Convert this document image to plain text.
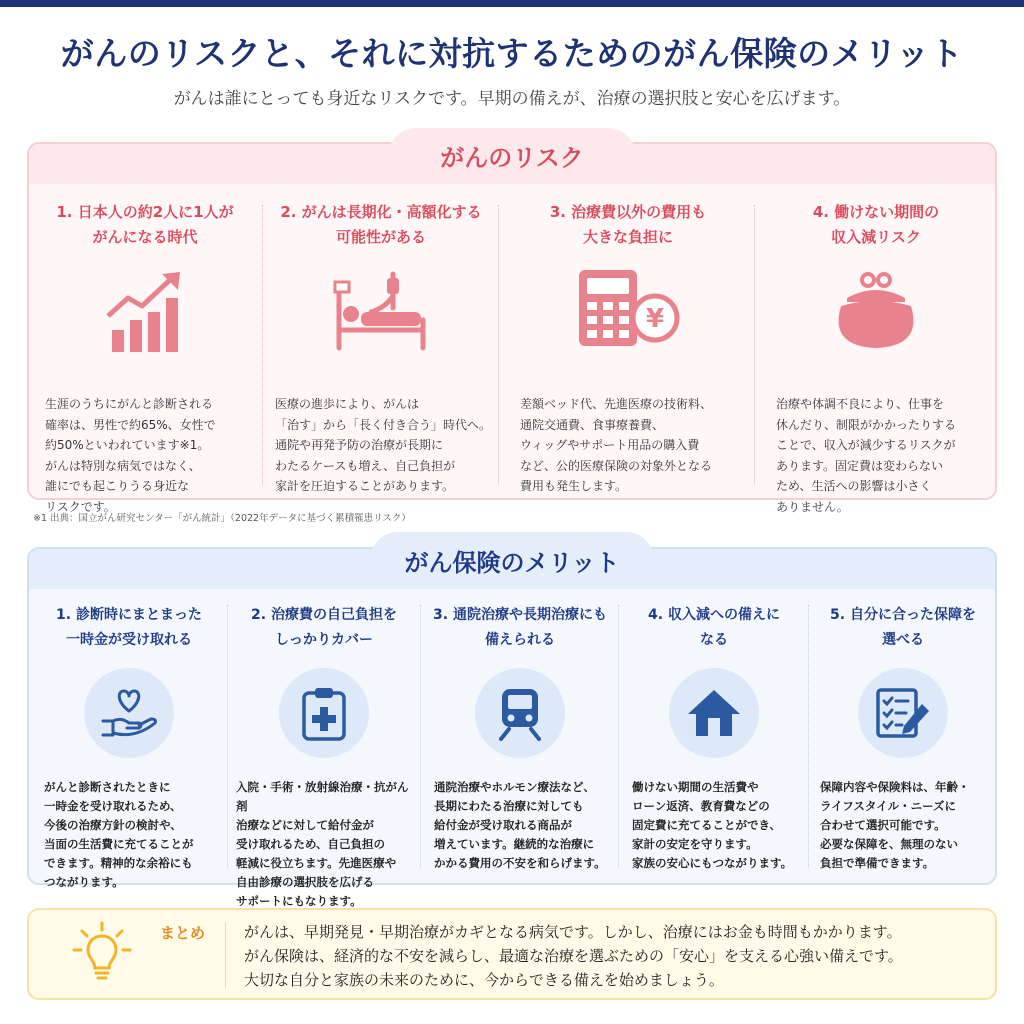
がんのリスクと、それに対抗するためのがん保険のメリット

がんは誰にとっても身近なリスクです。早期の備えが、治療の選択肢と安心を広げます。

がんのリスク
1. 日本人の約2人に1人が
がんになる時代
生涯のうちにがんと診断される
確率は、男性で約65%、女性で
約50%といわれています※1。
がんは特別な病気ではなく、
誰にでも起こりうる身近な
リスクです。
2. がんは長期化・高額化する
可能性がある
医療の進歩により、がんは
「治す」から「長く付き合う」時代へ。
通院や再発予防の治療が長期に
わたるケースも増え、自己負担が
家計を圧迫することがあります。
3. 治療費以外の費用も
大きな負担に
¥
差額ベッド代、先進医療の技術料、
通院交通費、食事療養費、
ウィッグやサポート用品の購入費
など、公的医療保険の対象外となる
費用も発生します。
4. 働けない期間の
収入減リスク
治療や体調不良により、仕事を
休んだり、制限がかかったりする
ことで、収入が減少するリスクが
あります。固定費は変わらない
ため、生活への影響は小さく
ありません。
※1 出典：国立がん研究センター「がん統計」（2022年データに基づく累積罹患リスク）
がん保険のメリット
1. 診断時にまとまった
一時金が受け取れる
がんと診断されたときに
一時金を受け取れるため、
今後の治療方針の検討や、
当面の生活費に充てることが
できます。精神的な余裕にも
つながります。
2. 治療費の自己負担を
しっかりカバー
入院・手術・放射線治療・抗がん剤
治療などに対して給付金が
受け取れるため、自己負担の
軽減に役立ちます。先進医療や
自由診療の選択肢を広げる
サポートにもなります。
3. 通院治療や長期治療にも
備えられる
通院治療やホルモン療法など、
長期にわたる治療に対しても
給付金が受け取れる商品が
増えています。継続的な治療に
かかる費用の不安を和らげます。
4. 収入減への備えに
なる
働けない期間の生活費や
ローン返済、教育費などの
固定費に充てることができ、
家計の安定を守ります。
家族の安心にもつながります。
5. 自分に合った保障を
選べる
保障内容や保険料は、年齢・
ライフスタイル・ニーズに
合わせて選択可能です。
必要な保障を、無理のない
負担で準備できます。
まとめ	がんは、早期発見・早期治療がカギとなる病気です。しかし、治療にはお金も時間もかかります。
がん保険は、経済的な不安を減らし、最適な治療を選ぶための「安心」を支える心強い備えです。
大切な自分と家族の未来のために、今からできる備えを始めましょう。
